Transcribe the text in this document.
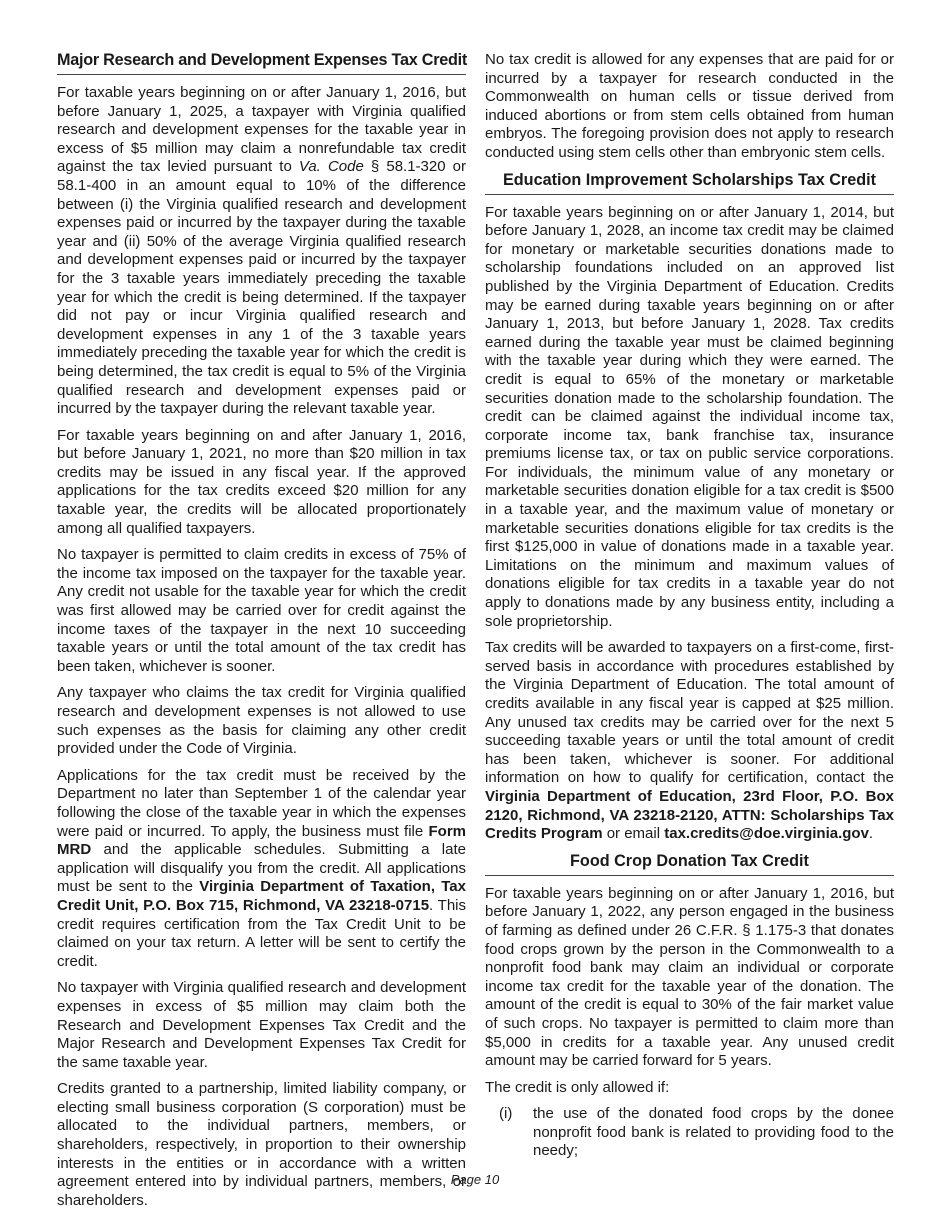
Major Research and Development Expenses Tax Credit

For taxable years beginning on or after January 1, 2016, but before January 1, 2025, a taxpayer with Virginia qualified research and development expenses for the taxable year in excess of $5 million may claim a nonrefundable tax credit against the tax levied pursuant to Va. Code § 58.1-320 or 58.1-400 in an amount equal to 10% of the difference between (i) the Virginia qualified research and development expenses paid or incurred by the taxpayer during the taxable year and (ii) 50% of the average Virginia qualified research and development expenses paid or incurred by the taxpayer for the 3 taxable years immediately preceding the taxable year for which the credit is being determined. If the taxpayer did not pay or incur Virginia qualified research and development expenses in any 1 of the 3 taxable years immediately preceding the taxable year for which the credit is being determined, the tax credit is equal to 5% of the Virginia qualified research and development expenses paid or incurred by the taxpayer during the relevant taxable year.

For taxable years beginning on and after January 1, 2016, but before January 1, 2021, no more than $20 million in tax credits may be issued in any fiscal year. If the approved applications for the tax credits exceed $20 million for any taxable year, the credits will be allocated proportionately among all qualified taxpayers.

No taxpayer is permitted to claim credits in excess of 75% of the income tax imposed on the taxpayer for the taxable year. Any credit not usable for the taxable year for which the credit was first allowed may be carried over for credit against the income taxes of the taxpayer in the next 10 succeeding taxable years or until the total amount of the tax credit has been taken, whichever is sooner.

Any taxpayer who claims the tax credit for Virginia qualified research and development expenses is not allowed to use such expenses as the basis for claiming any other credit provided under the Code of Virginia.

Applications for the tax credit must be received by the Department no later than September 1 of the calendar year following the close of the taxable year in which the expenses were paid or incurred. To apply, the business must file Form MRD and the applicable schedules. Submitting a late application will disqualify you from the credit. All applications must be sent to the Virginia Department of Taxation, Tax Credit Unit, P.O. Box 715, Richmond, VA 23218-0715. This credit requires certification from the Tax Credit Unit to be claimed on your tax return. A letter will be sent to certify the credit.

No taxpayer with Virginia qualified research and development expenses in excess of $5 million may claim both the Research and Development Expenses Tax Credit and the Major Research and Development Expenses Tax Credit for the same taxable year.

Credits granted to a partnership, limited liability company, or electing small business corporation (S corporation) must be allocated to the individual partners, members, or shareholders, respectively, in proportion to their ownership interests in the entities or in accordance with a written agreement entered into by individual partners, members, or shareholders.

No tax credit is allowed for any expenses that are paid for or incurred by a taxpayer for research conducted in the Commonwealth on human cells or tissue derived from induced abortions or from stem cells obtained from human embryos. The foregoing provision does not apply to research conducted using stem cells other than embryonic stem cells.

Education Improvement Scholarships Tax Credit

For taxable years beginning on or after January 1, 2014, but before January 1, 2028, an income tax credit may be claimed for monetary or marketable securities donations made to scholarship foundations included on an approved list published by the Virginia Department of Education. Credits may be earned during taxable years beginning on or after January 1, 2013, but before January 1, 2028. Tax credits earned during the taxable year must be claimed beginning with the taxable year during which they were earned. The credit is equal to 65% of the monetary or marketable securities donation made to the scholarship foundation. The credit can be claimed against the individual income tax, corporate income tax, bank franchise tax, insurance premiums license tax, or tax on public service corporations. For individuals, the minimum value of any monetary or marketable securities donation eligible for a tax credit is $500 in a taxable year, and the maximum value of monetary or marketable securities donations eligible for tax credits is the first $125,000 in value of donations made in a taxable year. Limitations on the minimum and maximum values of donations eligible for tax credits in a taxable year do not apply to donations made by any business entity, including a sole proprietorship.

Tax credits will be awarded to taxpayers on a first-come, first-served basis in accordance with procedures established by the Virginia Department of Education. The total amount of credits available in any fiscal year is capped at $25 million. Any unused tax credits may be carried over for the next 5 succeeding taxable years or until the total amount of credit has been taken, whichever is sooner. For additional information on how to qualify for certification, contact the Virginia Department of Education, 23rd Floor, P.O. Box 2120, Richmond, VA 23218-2120, ATTN: Scholarships Tax Credits Program or email tax.credits@doe.virginia.gov.

Food Crop Donation Tax Credit

For taxable years beginning on or after January 1, 2016, but before January 1, 2022, any person engaged in the business of farming as defined under 26 C.F.R. § 1.175-3 that donates food crops grown by the person in the Commonwealth to a nonprofit food bank may claim an individual or corporate income tax credit for the taxable year of the donation. The amount of the credit is equal to 30% of the fair market value of such crops. No taxpayer is permitted to claim more than $5,000 in credits for a taxable year. Any unused credit amount may be carried forward for 5 years.

The credit is only allowed if:

(i)	the use of the donated food crops by the donee nonprofit food bank is related to providing food to the needy;
Page 10
